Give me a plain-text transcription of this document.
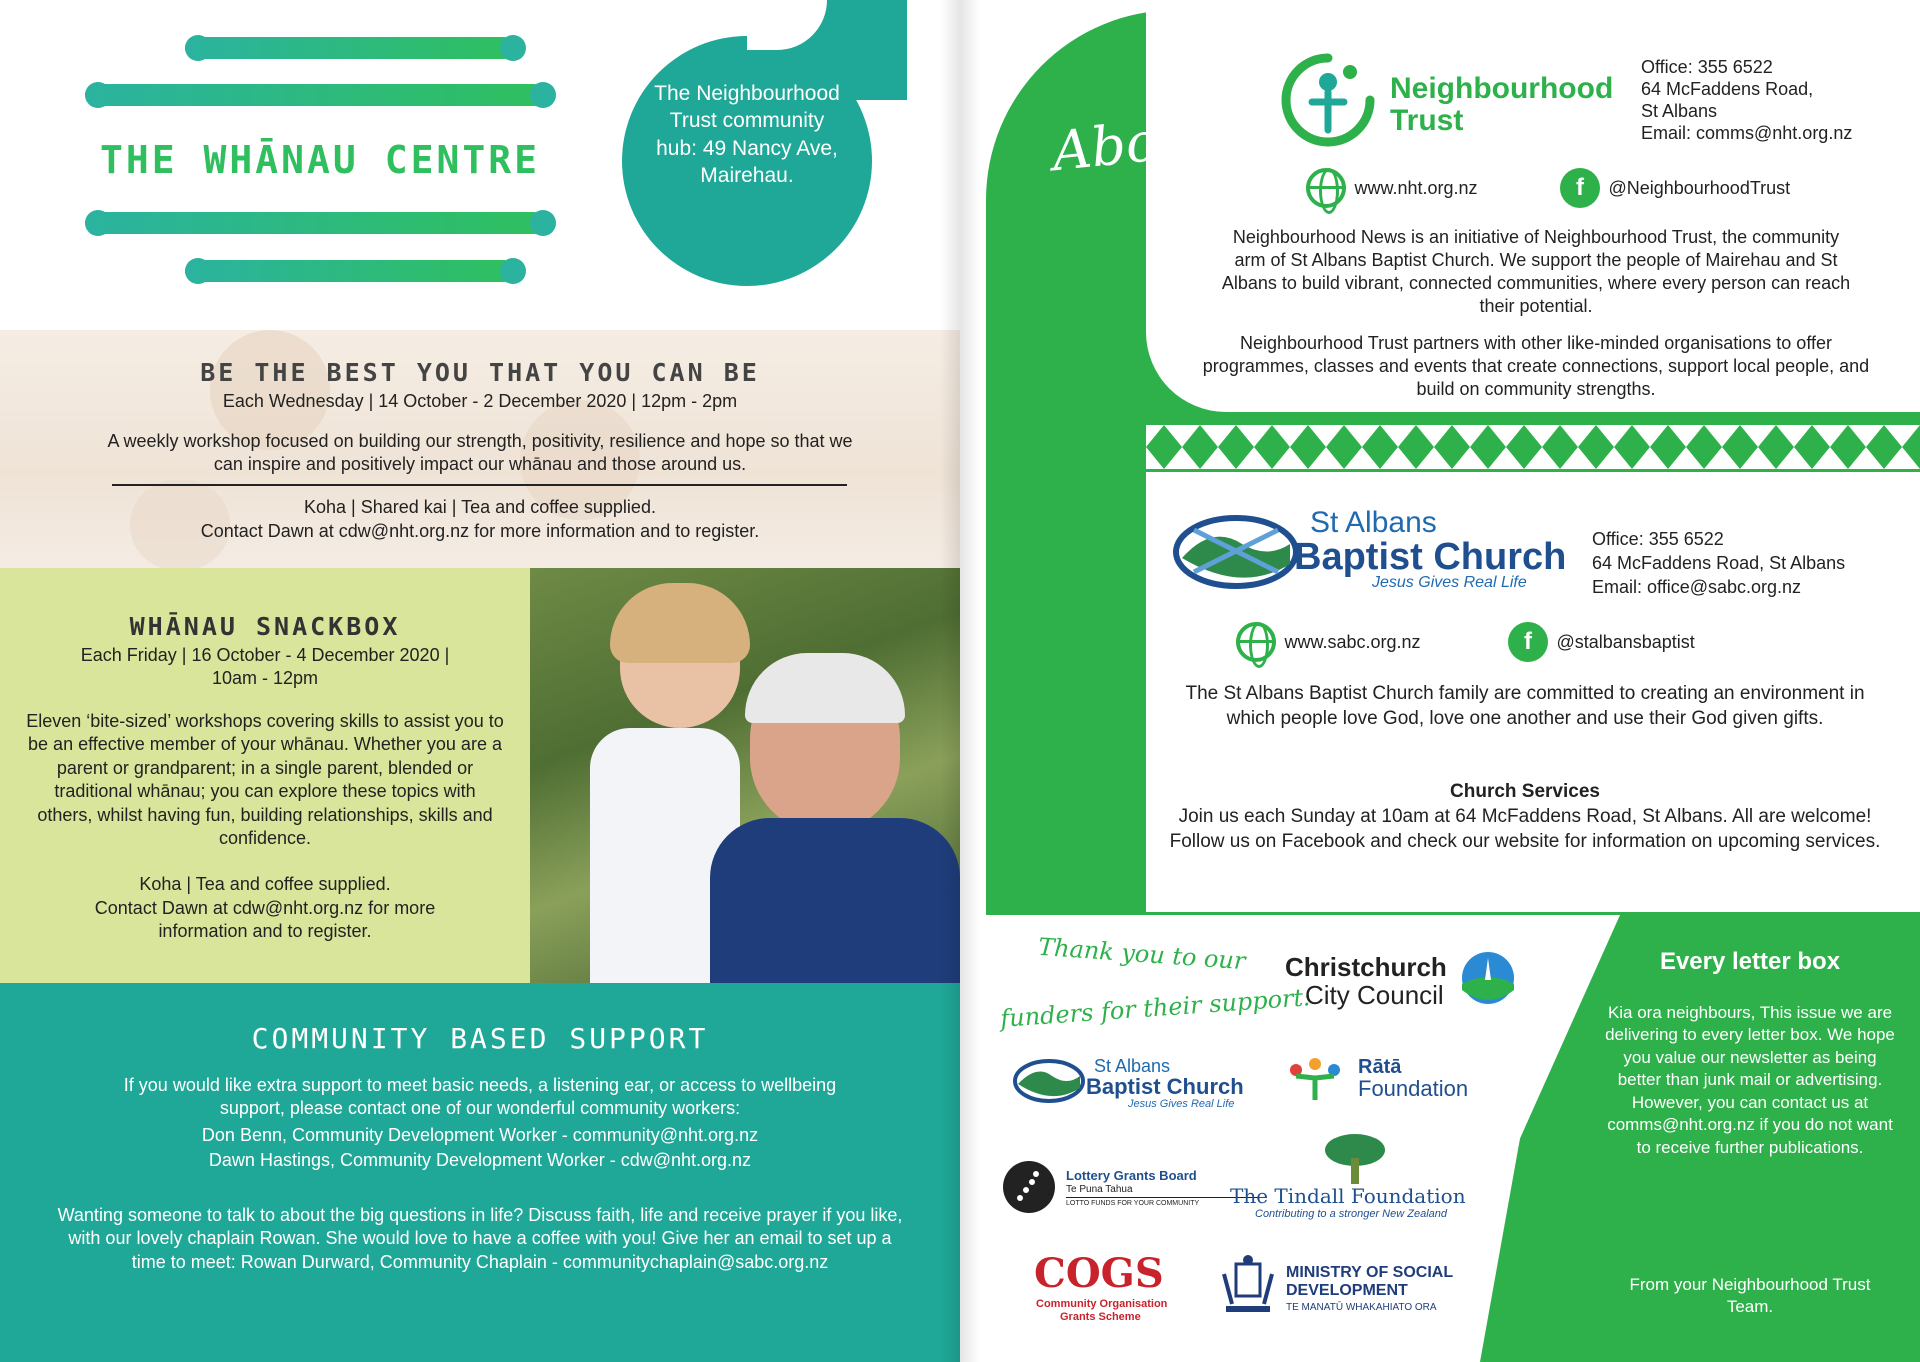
THE WHĀNAU CENTRE

The Neighbourhood Trust community hub: 49 Nancy Ave, Mairehau.

BE THE BEST YOU THAT YOU CAN BE

Each Wednesday | 14 October - 2 December 2020 | 12pm - 2pm

A weekly workshop focused on building our strength, positivity, resilience and hope so that we can inspire and positively impact our whānau and those around us.

Koha | Shared kai | Tea and coffee supplied.

Contact Dawn at cdw@nht.org.nz for more information and to register.

WHĀNAU SNACKBOX

Each Friday | 16 October - 4 December 2020 | 10am - 12pm

Eleven ‘bite-sized’ workshops covering skills to assist you to be an effective member of your whānau. Whether you are a parent or grandparent; in a single parent, blended or traditional whānau; you can explore these topics with others, whilst having fun, building relationships, skills and confidence.

Koha | Tea and coffee supplied.

Contact Dawn at cdw@nht.org.nz for more information and to register.

COMMUNITY BASED SUPPORT

If you would like extra support to meet basic needs, a listening ear, or access to wellbeing support, please contact one of our wonderful community workers:

Don Benn, Community Development Worker - community@nht.org.nz

Dawn Hastings, Community Development Worker - cdw@nht.org.nz

Wanting someone to talk to about the big questions in life? Discuss faith, life and receive prayer if you like, with our lovely chaplain Rowan. She would love to have a coffee with you! Give her an email to set up a time to meet: Rowan Durward, Community Chaplain - communitychaplain@sabc.org.nz

About
Neighbourhood
Trust

Office: 355 6522

64 McFaddens Road,

St Albans

Email: comms@nht.org.nz

www.nht.org.nz	f @NeighbourhoodTrust

Neighbourhood News is an initiative of Neighbourhood Trust, the community arm of St Albans Baptist Church. We support the people of Mairehau and St Albans to build vibrant, connected communities, where every person can reach their potential.

Neighbourhood Trust partners with other like-minded organisations to offer programmes, classes and events that create connections, support local people, and build on community strengths.

St Albans
Baptist Church
Jesus Gives Real Life

Office: 355 6522

64 McFaddens Road, St Albans

Email: office@sabc.org.nz

www.sabc.org.nz	f @stalbansbaptist

The St Albans Baptist Church family are committed to creating an environment in which people love God, love one another and use their God given gifts.

Church Services

Join us each Sunday at 10am at 64 McFaddens Road, St Albans. All are welcome! Follow us on Facebook and check our website for information on upcoming services.

Thank you to our
funders for their support:
Christchurch
City Council
St Albans
Baptist Church
Jesus Gives Real Life
Rātā
Foundation
Lottery Grants Board
Te Puna Tahua
LOTTO FUNDS FOR YOUR COMMUNITY The Tindall Foundation
Contributing to a stronger New Zealand
COGS
Community Organisation
Grants Scheme
MINISTRY OF SOCIAL
DEVELOPMENT
TE MANATŪ WHAKAHIATO ORA
Every letter box

Kia ora neighbours, This issue we are delivering to every letter box. We hope you value our newsletter as being better than junk mail or advertising. However, you can contact us at comms@nht.org.nz if you do not want to receive further publications.

From your Neighbourhood Trust Team.
